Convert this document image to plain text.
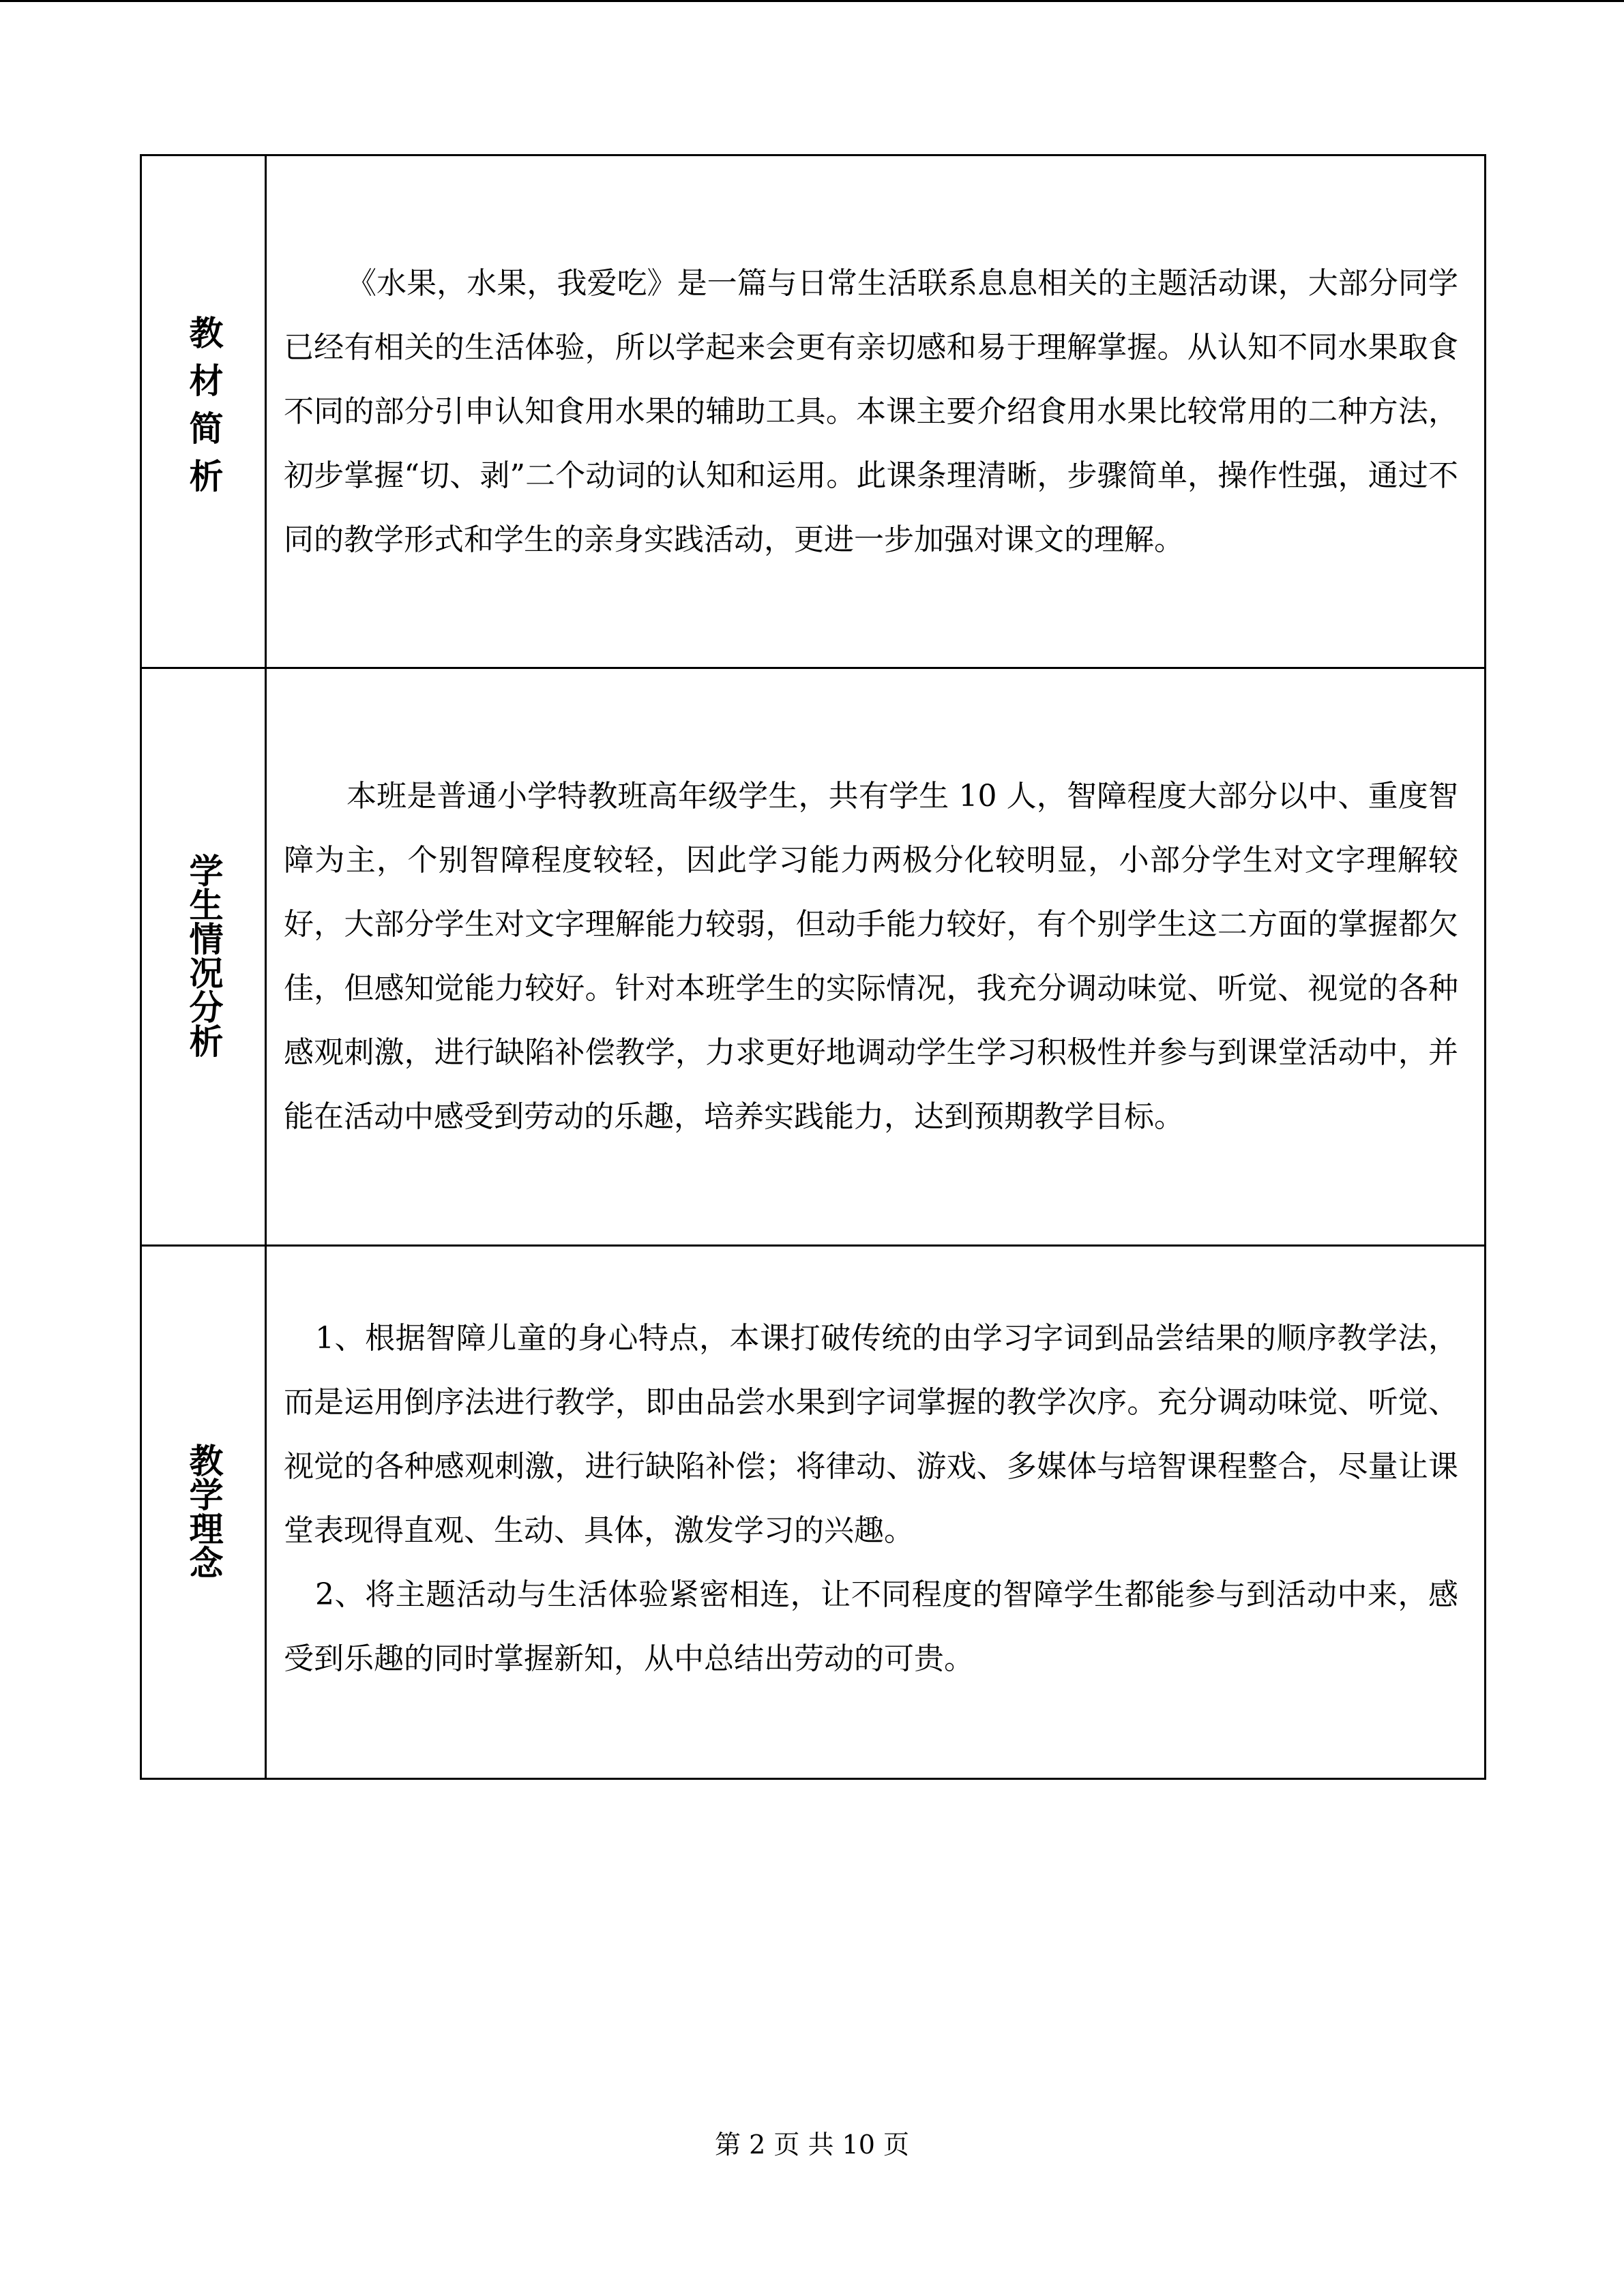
教材简析	《水果，水果，我爱吃》是一篇与日常生活联系息息相关的主题活动课，大部分同学已经有相关的生活体验，所以学起来会更有亲切感和易于理解掌握。从认知不同水果取食不同的部分引申认知食用水果的辅助工具。本课主要介绍食用水果比较常用的二种方法，初步掌握“切、剥”二个动词的认知和运用。此课条理清晰，步骤简单，操作性强，通过不同的教学形式和学生的亲身实践活动，更进一步加强对课文的理解。

学生情况分析	本班是普通小学特教班高年级学生，共有学生 10 人，智障程度大部分以中、重度智障为主，个别智障程度较轻，因此学习能力两极分化较明显，小部分学生对文字理解较好，大部分学生对文字理解能力较弱，但动手能力较好，有个别学生这二方面的掌握都欠佳，但感知觉能力较好。针对本班学生的实际情况，我充分调动味觉、听觉、视觉的各种感观刺激，进行缺陷补偿教学，力求更好地调动学生学习积极性并参与到课堂活动中，并能在活动中感受到劳动的乐趣，培养实践能力，达到预期教学目标。

教学理念	1、根据智障儿童的身心特点，本课打破传统的由学习字词到品尝结果的顺序教学法，而是运用倒序法进行教学，即由品尝水果到字词掌握的教学次序。充分调动味觉、听觉、视觉的各种感观刺激，进行缺陷补偿；将律动、游戏、多媒体与培智课程整合，尽量让课堂表现得直观、生动、具体，激发学习的兴趣。

2、将主题活动与生活体验紧密相连，让不同程度的智障学生都能参与到活动中来，感受到乐趣的同时掌握新知，从中总结出劳动的可贵。

第 2 页 共 10 页
